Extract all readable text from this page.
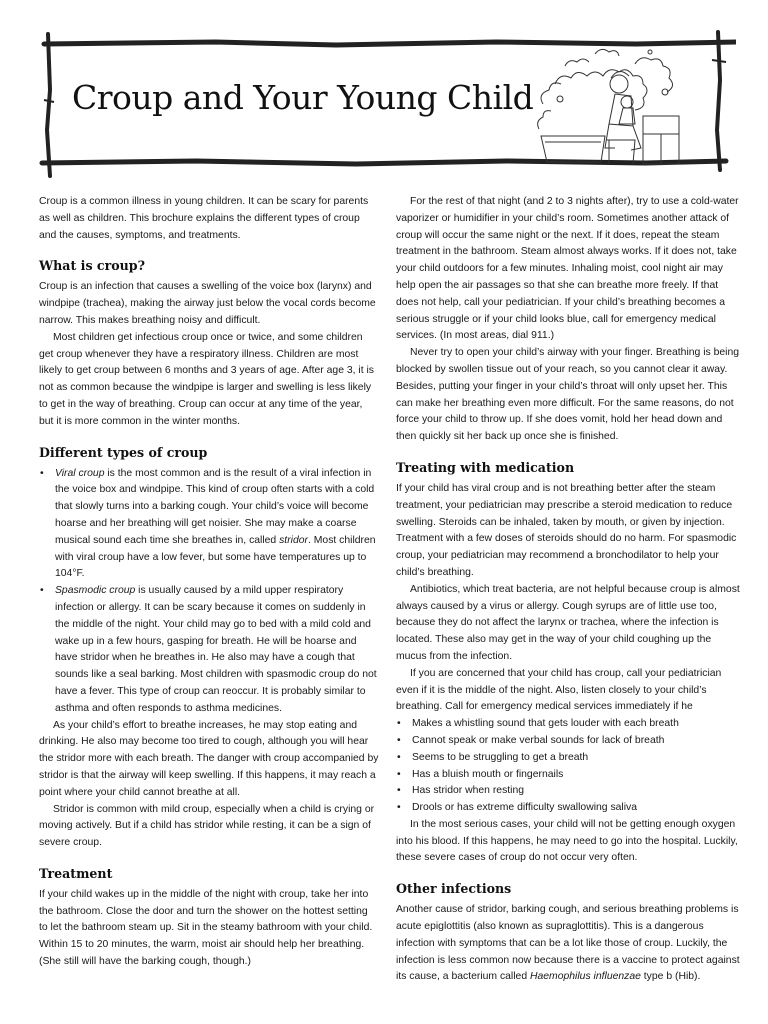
Croup and Your Young Child

Croup is a common illness in young children. It can be scary for parents as well as children. This brochure explains the different types of croup and the causes, symptoms, and treatments.

What is croup?

Croup is an infection that causes a swelling of the voice box (larynx) and windpipe (trachea), making the airway just below the vocal cords become narrow. This makes breathing noisy and difficult.

Most children get infectious croup once or twice, and some children get croup whenever they have a respiratory illness. Children are most likely to get croup between 6 months and 3 years of age. After age 3, it is not as common because the windpipe is larger and swelling is less likely to get in the way of breathing. Croup can occur at any time of the year, but it is more common in the winter months.

Different types of croup
• Viral croup is the most common and is the result of a viral infection in the voice box and windpipe. This kind of croup often starts with a cold that slowly turns into a barking cough. Your child’s voice will become hoarse and her breathing will get noisier. She may make a coarse musical sound each time she breathes in, called stridor. Most children with viral croup have a low fever, but some have temperatures up to 104°F.
• Spasmodic croup is usually caused by a mild upper respiratory infection or allergy. It can be scary because it comes on suddenly in the middle of the night. Your child may go to bed with a mild cold and wake up in a few hours, gasping for breath. He will be hoarse and have stridor when he breathes in. He also may have a cough that sounds like a seal barking. Most children with spasmodic croup do not have a fever. This type of croup can reoccur. It is probably similar to asthma and often responds to asthma medicines.

As your child’s effort to breathe increases, he may stop eating and drinking. He also may become too tired to cough, although you will hear the stridor more with each breath. The danger with croup accompanied by stridor is that the airway will keep swelling. If this happens, it may reach a point where your child cannot breathe at all.

Stridor is common with mild croup, especially when a child is crying or moving actively. But if a child has stridor while resting, it can be a sign of severe croup.

Treatment

If your child wakes up in the middle of the night with croup, take her into the bathroom. Close the door and turn the shower on the hottest setting to let the bathroom steam up. Sit in the steamy bathroom with your child. Within 15 to 20 minutes, the warm, moist air should help her breathing. (She still will have the barking cough, though.)

For the rest of that night (and 2 to 3 nights after), try to use a cold-water vaporizer or humidifier in your child’s room. Sometimes another attack of croup will occur the same night or the next. If it does, repeat the steam treatment in the bathroom. Steam almost always works. If it does not, take your child outdoors for a few minutes. Inhaling moist, cool night air may help open the air passages so that she can breathe more freely. If that does not help, call your pediatrician. If your child’s breathing becomes a serious struggle or if your child looks blue, call for emergency medical services. (In most areas, dial 911.)

Never try to open your child’s airway with your finger. Breathing is being blocked by swollen tissue out of your reach, so you cannot clear it away. Besides, putting your finger in your child’s throat will only upset her. This can make her breathing even more difficult. For the same reasons, do not force your child to throw up. If she does vomit, hold her head down and then quickly sit her back up once she is finished.

Treating with medication

If your child has viral croup and is not breathing better after the steam treatment, your pediatrician may prescribe a steroid medication to reduce swelling. Steroids can be inhaled, taken by mouth, or given by injection. Treatment with a few doses of steroids should do no harm. For spasmodic croup, your pediatrician may recommend a bronchodilator to help your child’s breathing.

Antibiotics, which treat bacteria, are not helpful because croup is almost always caused by a virus or allergy. Cough syrups are of little use too, because they do not affect the larynx or trachea, where the infection is located. These also may get in the way of your child coughing up the mucus from the infection.

If you are concerned that your child has croup, call your pediatrician even if it is the middle of the night. Also, listen closely to your child’s breathing. Call for emergency medical services immediately if he

• Makes a whistling sound that gets louder with each breath
• Cannot speak or make verbal sounds for lack of breath
• Seems to be struggling to get a breath
• Has a bluish mouth or fingernails
• Has stridor when resting
• Drools or has extreme difficulty swallowing saliva

In the most serious cases, your child will not be getting enough oxygen into his blood. If this happens, he may need to go into the hospital. Luckily, these severe cases of croup do not occur very often.

Other infections

Another cause of stridor, barking cough, and serious breathing problems is acute epiglottitis (also known as supraglottitis). This is a dangerous infection with symptoms that can be a lot like those of croup. Luckily, the infection is less common now because there is a vaccine to protect against its cause, a bacterium called Haemophilus influenzae type b (Hib).
